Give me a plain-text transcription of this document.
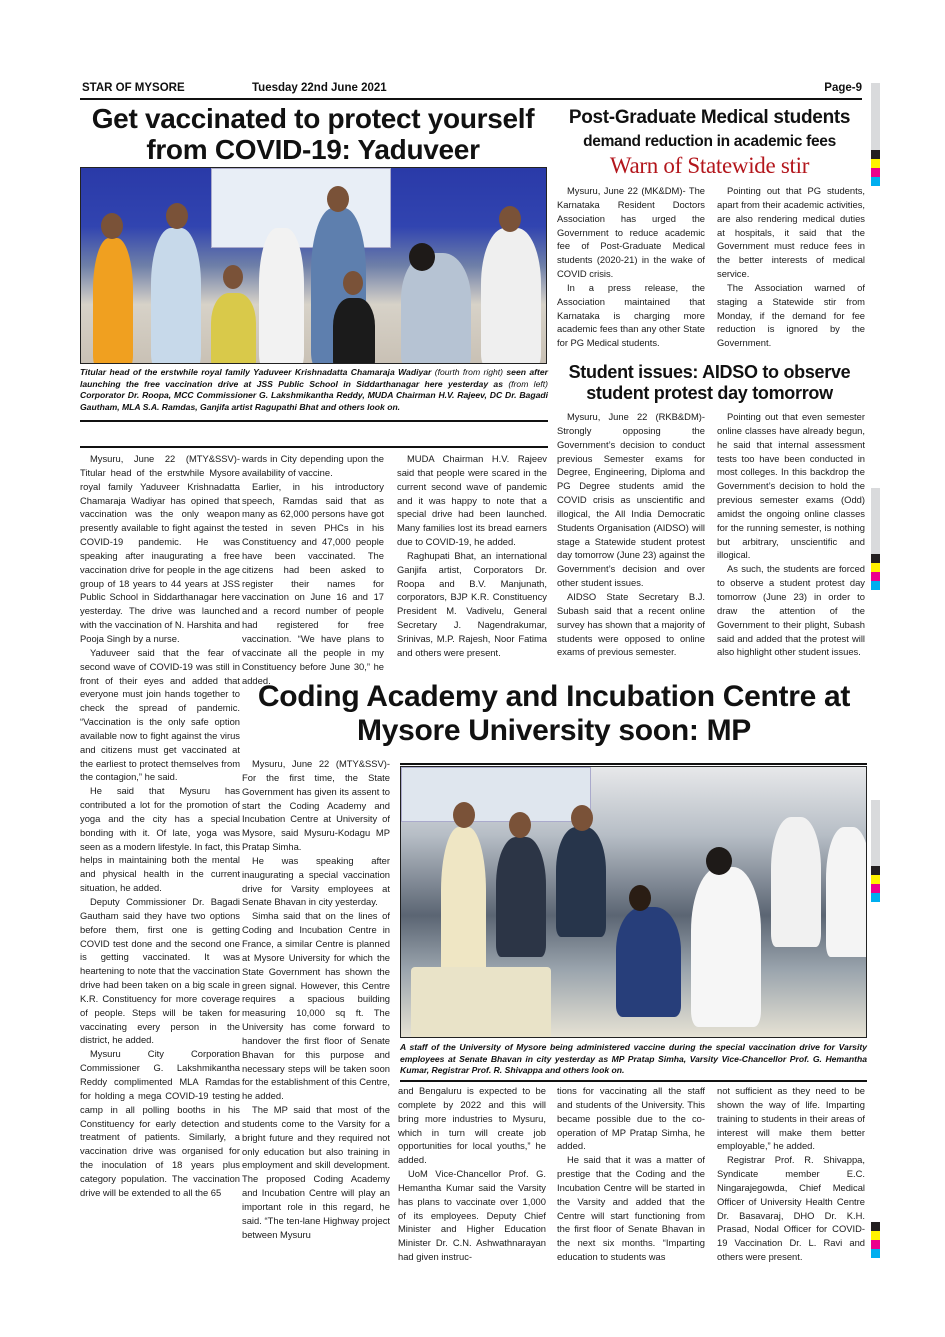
STAR OF MYSORE	Tuesday 22nd June 2021	Page-9
Get vaccinated to protect yourself from COVID-19: Yaduveer
Titular head of the erstwhile royal family Yaduveer Krishnadatta Chamaraja Wadiyar (fourth from right) seen after launching the free vaccination drive at JSS Public School in Siddarthanagar here yesterday as (from left) Corporator Dr. Roopa, MCC Commissioner G. Lakshmikantha Reddy, MUDA Chairman H.V. Rajeev, DC Dr. Bagadi Gautham, MLA S.A. Ramdas, Ganjifa artist Ragupathi Bhat and others look on.

Mysuru, June 22 (MTY&SSV)- Titular head of the erstwhile Mysore royal family Yaduveer Krishnadatta Chamaraja Wadiyar has opined that vaccination was the only weapon presently available to fight against the COVID-19 pandemic. He was speaking after inaugurating a free vaccination drive for people in the age group of 18 years to 44 years at JSS Public School in Siddarthanagar here yesterday. The drive was launched with the vaccination of N. Harshita and Pooja Singh by a nurse.

Yaduveer said that the fear of second wave of COVID-19 was still in front of their eyes and added that everyone must join hands together to check the spread of pandemic. “Vaccination is the only safe option available now to fight against the virus and citizens must get vaccinated at the earliest to protect themselves from the contagion,” he said.

He said that Mysuru has contributed a lot for the promotion of yoga and the city has a special bonding with it. Of late, yoga was seen as a modern lifestyle. In fact, this helps in maintaining both the mental and physical health in the current situation, he added.

Deputy Commissioner Dr. Bagadi Gautham said they have two options before them, first one is getting COVID test done and the second one is getting vaccinated. It was heartening to note that the vaccination drive had been taken on a big scale in K.R. Constituency for more coverage of people. Steps will be taken for vaccinating every person in the district, he added.

Mysuru City Corporation Commissioner G. Lakshmikantha Reddy complimented MLA Ramdas for holding a mega COVID-19 testing camp in all polling booths in his Constituency for early detection and treatment of patients. Similarly, a vaccination drive was organised for the inoculation of 18 years plus category population. The vaccination drive will be extended to all the 65

wards in City depending upon the availability of vaccine.

Earlier, in his introductory speech, Ramdas said that as many as 62,000 persons have got tested in seven PHCs in his Constituency and 47,000 people have been vaccinated. The citizens had been asked to register their names for vaccination on June 16 and 17 and a record number of people had registered for free vaccination. “We have plans to vaccinate all the people in my Constituency before June 30,” he added.

MUDA Chairman H.V. Rajeev said that people were scared in the current second wave of pandemic and it was happy to note that a special drive had been launched. Many families lost its bread earners due to COVID-19, he added.

Raghupati Bhat, an international Ganjifa artist, Corporators Dr. Roopa and B.V. Manjunath, corporators, BJP K.R. Constituency President M. Vadivelu, General Secretary J. Nagendrakumar, Srinivas, M.P. Rajesh, Noor Fatima and others were present.

Post-Graduate Medical students
demand reduction in academic fees
Warn of Statewide stir

Mysuru, June 22 (MK&DM)- The Karnataka Resident Doctors Association has urged the Government to reduce academic fee of Post-Graduate Medical students (2020-21) in the wake of COVID crisis.

In a press release, the Association maintained that Karnataka is charging more academic fees than any other State for PG Medical students.

Pointing out that PG students, apart from their academic activities, are also rendering medical duties at hospitals, it said that the Government must reduce fees in the better interests of medical service.

The Association warned of staging a Statewide stir from Monday, if the demand for fee reduction is ignored by the Government.

Student issues: AIDSO to observe student protest day tomorrow

Mysuru, June 22 (RKB&DM)- Strongly opposing the Government’s decision to conduct previous Semester exams for Degree, Engineering, Diploma and PG Degree students amid the COVID crisis as unscientific and illogical, the All India Democratic Students Organisation (AIDSO) will stage a Statewide student protest day tomorrow (June 23) against the Government’s decision and over other student issues.

AIDSO State Secretary B.J. Subash said that a recent online survey has shown that a majority of students were opposed to online exams of previous semester.

Pointing out that even semester online classes have already begun, he said that internal assessment tests too have been conducted in most colleges. In this backdrop the Government’s decision to hold the previous semester exams (Odd) amidst the ongoing online classes for the running semester, is nothing but arbitrary, unscientific and illogical.

As such, the students are forced to observe a student protest day tomorrow (June 23) in order to draw the attention of the Government to their plight, Subash said and added that the protest will also highlight other student issues.

Coding Academy and Incubation Centre at Mysore University soon: MP
A staff of the University of Mysore being administered vaccine during the special vaccination drive for Varsity employees at Senate Bhavan in city yesterday as MP Pratap Simha, Varsity Vice-Chancellor Prof. G. Hemantha Kumar, Registrar Prof. R. Shivappa and others look on.

Mysuru, June 22 (MTY&SSV)- For the first time, the State Government has given its assent to start the Coding Academy and Incubation Centre at University of Mysore, said Mysuru-Kodagu MP Pratap Simha.

He was speaking after inaugurating a special vaccination drive for Varsity employees at Senate Bhavan in city yesterday.

Simha said that on the lines of Coding and Incubation Centre in France, a similar Centre is planned at Mysore University for which the State Government has shown the green signal. However, this Centre requires a spacious building measuring 10,000 sq ft. The University has come forward to handover the first floor of Senate Bhavan for this purpose and necessary steps will be taken soon for the establishment of this Centre, he added.

The MP said that most of the students come to the Varsity for a bright future and they required not only education but also training in employment and skill development. The proposed Coding Academy and Incubation Centre will play an important role in this regard, he said. “The ten-lane Highway project between Mysuru

and Bengaluru is expected to be complete by 2022 and this will bring more industries to Mysuru, which in turn will create job opportunities for local youths,” he added.

UoM Vice-Chancellor Prof. G. Hemantha Kumar said the Varsity has plans to vaccinate over 1,000 of its employees. Deputy Chief Minister and Higher Education Minister Dr. C.N. Ashwathnarayan had given instruc-

tions for vaccinating all the staff and students of the University. This became possible due to the co-operation of MP Pratap Simha, he added.

He said that it was a matter of prestige that the Coding and the Incubation Centre will be started in the Varsity and added that the Centre will start functioning from the first floor of Senate Bhavan in the next six months. “Imparting education to students was

not sufficient as they need to be shown the way of life. Imparting training to students in their areas of interest will make them better employable,” he added.

Registrar Prof. R. Shivappa, Syndicate member E.C. Ningarajegowda, Chief Medical Officer of University Health Centre Dr. Basavaraj, DHO Dr. K.H. Prasad, Nodal Officer for COVID-19 Vaccination Dr. L. Ravi and others were present.
